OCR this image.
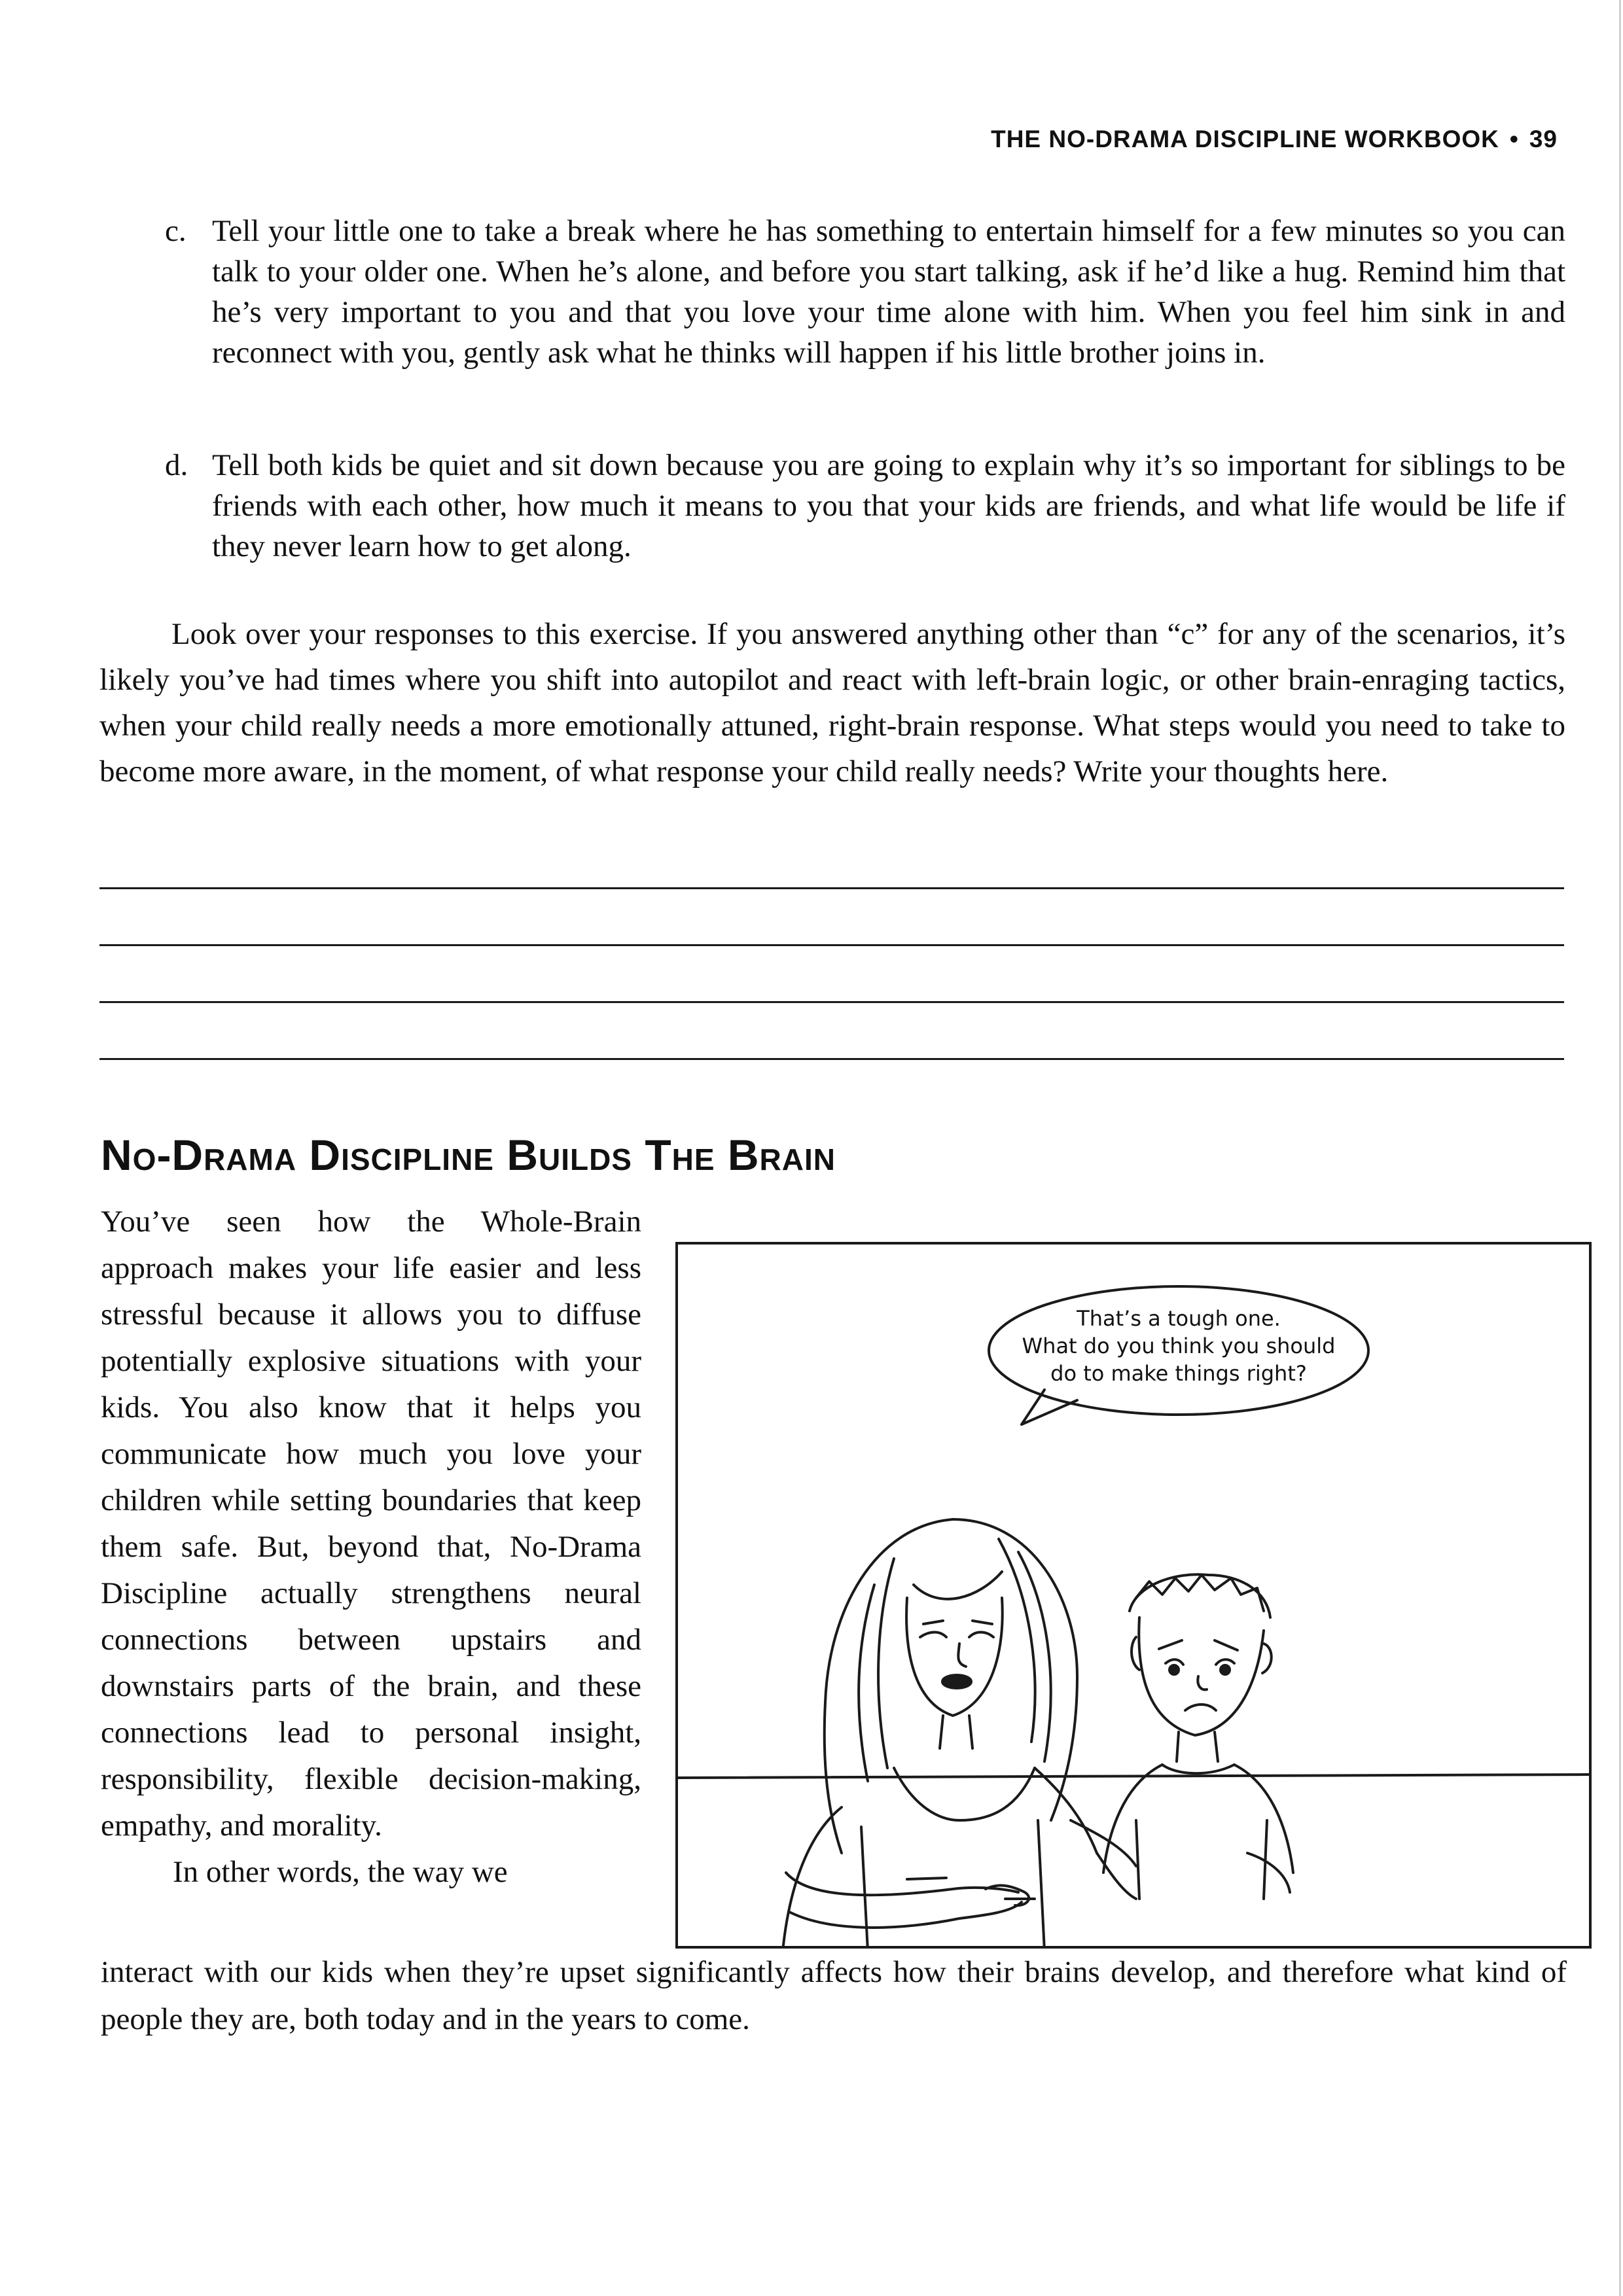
THE NO-DRAMA DISCIPLINE WORKBOOK • 39
c. Tell your little one to take a break where he has something to entertain himself for a few minutes so you can talk to your older one. When he’s alone, and before you start talking, ask if he’d like a hug. Remind him that he’s very important to you and that you love your time alone with him. When you feel him sink in and reconnect with you, gently ask what he thinks will happen if his little brother joins in.
d. Tell both kids be quiet and sit down because you are going to explain why it’s so important for siblings to be friends with each other, how much it means to you that your kids are friends, and what life would be life if they never learn how to get along.
Look over your responses to this exercise. If you answered anything other than “c” for any of the scenarios, it’s likely you’ve had times where you shift into autopilot and react with left-brain logic, or other brain-enraging tactics, when your child really needs a more emotionally attuned, right-brain response. What steps would you need to take to become more aware, in the moment, of what response your child really needs? Write your thoughts here.
No-Drama Discipline Builds The Brain
You’ve seen how the Whole-Brain approach makes your life easier and less stressful because it allows you to diffuse potentially explosive situations with your kids. You also know that it helps you communicate how much you love your children while setting boundaries that keep them safe. But, beyond that, No-Drama Discipline actually strengthens neural connections between upstairs and downstairs parts of the brain, and these connections lead to personal insight, responsibility, flexible decision-making, empathy, and morality.
In other words, the way we
interact with our kids when they’re upset significantly affects how their brains develop, and therefore what kind of people they are, both today and in the years to come.
That’s a tough one.
What do you think you should
do to make things right?
